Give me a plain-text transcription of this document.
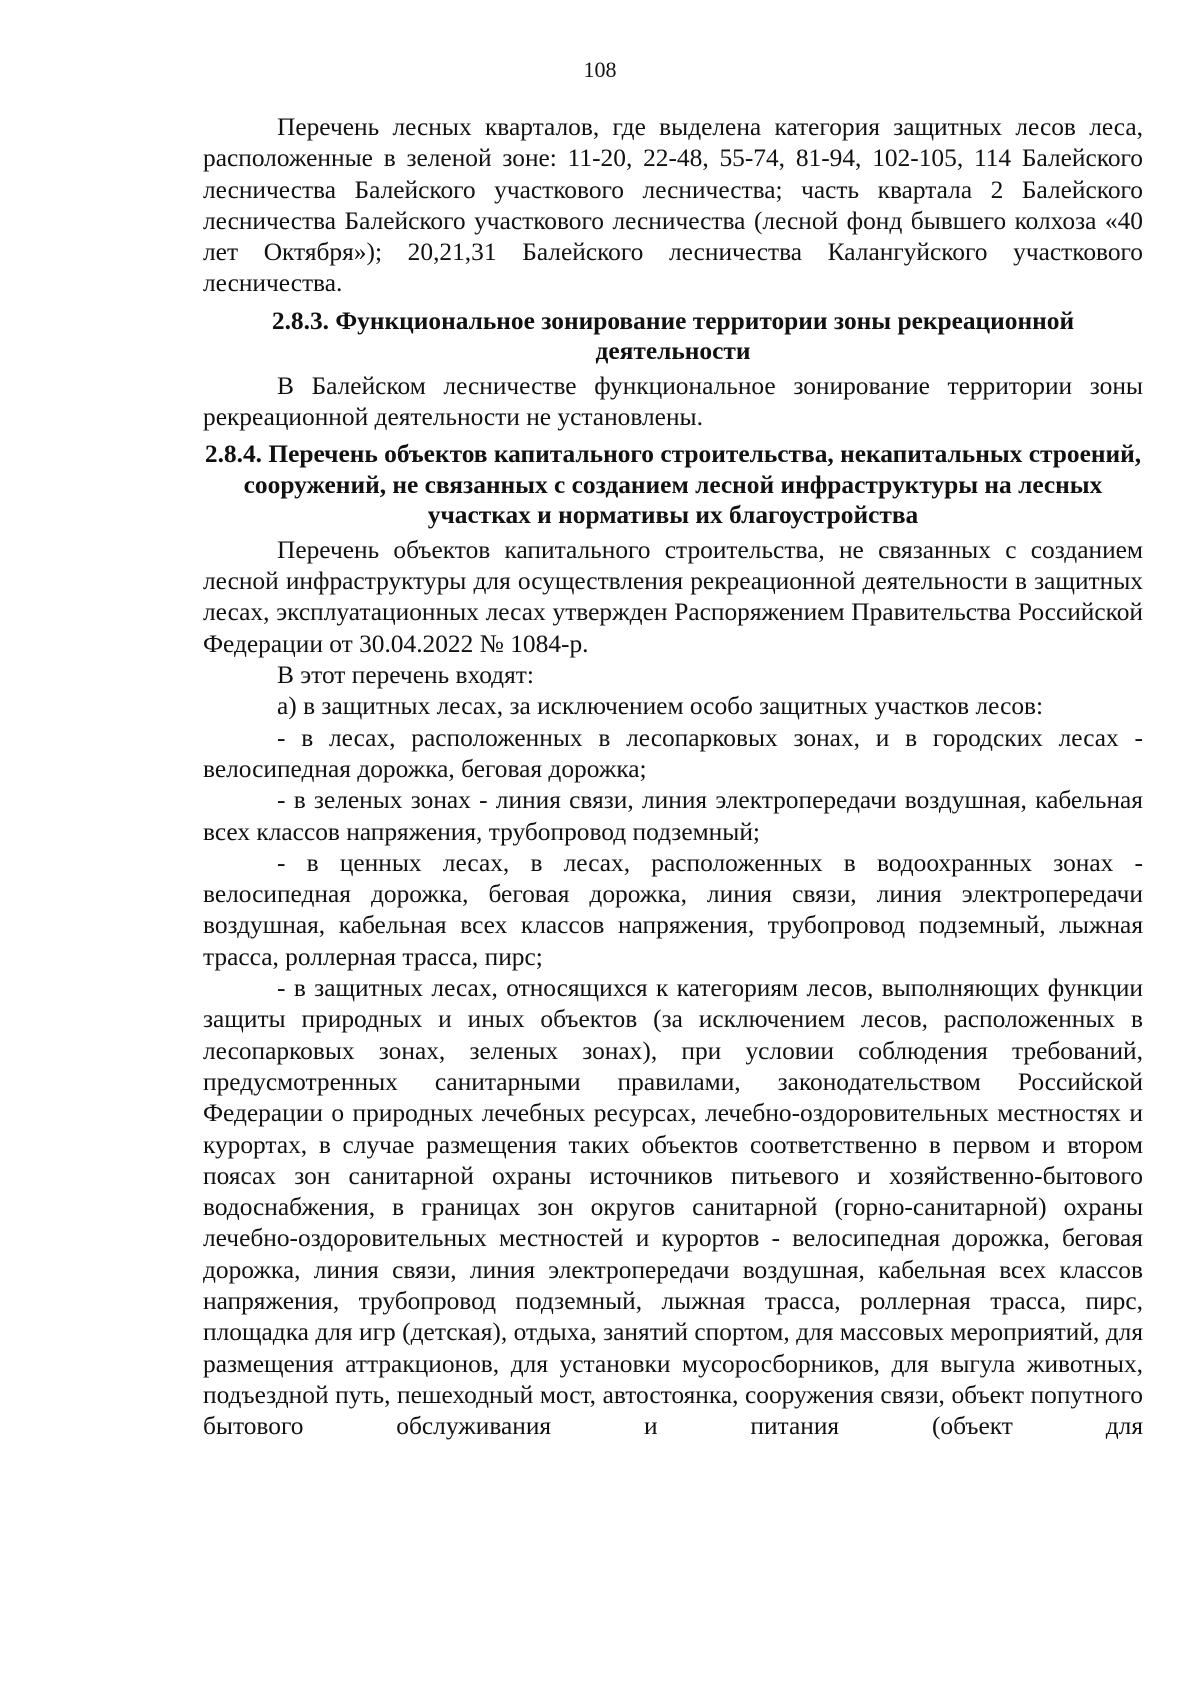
108

Перечень лесных кварталов, где выделена категория защитных лесов леса, расположенные в зеленой зоне: 11-20, 22-48, 55-74, 81-94, 102-105, 114 Балейского лесничества Балейского участкового лесничества; часть квартала 2 Балейского лесничества Балейского участкового лесничества (лесной фонд бывшего колхоза «40 лет Октября»); 20,21,31 Балейского лесничества Калангуйского участкового лесничества.

2.8.3. Функциональное зонирование территории зоны рекреационной деятельности

В Балейском лесничестве функциональное зонирование территории зоны рекреационной деятельности не установлены.

2.8.4. Перечень объектов капитального строительства, некапитальных строений, сооружений, не связанных с созданием лесной инфраструктуры на лесных участках и нормативы их благоустройства

Перечень объектов капитального строительства, не связанных с созданием лесной инфраструктуры для осуществления рекреационной деятельности в защитных лесах, эксплуатационных лесах утвержден Распоряжением Правительства Российской Федерации от 30.04.2022 № 1084-р.

В этот перечень входят:

а) в защитных лесах, за исключением особо защитных участков лесов:

- в лесах, расположенных в лесопарковых зонах, и в городских лесах - велосипедная дорожка, беговая дорожка;

- в зеленых зонах - линия связи, линия электропередачи воздушная, кабельная всех классов напряжения, трубопровод подземный;

- в ценных лесах, в лесах, расположенных в водоохранных зонах - велосипедная дорожка, беговая дорожка, линия связи, линия электропередачи воздушная, кабельная всех классов напряжения, трубопровод подземный, лыжная трасса, роллерная трасса, пирс;

- в защитных лесах, относящихся к категориям лесов, выполняющих функции защиты природных и иных объектов (за исключением лесов, расположенных в лесопарковых зонах, зеленых зонах), при условии соблюдения требований, предусмотренных санитарными правилами, законодательством Российской Федерации о природных лечебных ресурсах, лечебно-оздоровительных местностях и курортах, в случае размещения таких объектов соответственно в первом и втором поясах зон санитарной охраны источников питьевого и хозяйственно-бытового водоснабжения, в границах зон округов санитарной (горно-санитарной) охраны лечебно-оздоровительных местностей и курортов - велосипедная дорожка, беговая дорожка, линия связи, линия электропередачи воздушная, кабельная всех классов напряжения, трубопровод подземный, лыжная трасса, роллерная трасса, пирс, площадка для игр (детская), отдыха, занятий спортом, для массовых мероприятий, для размещения аттракционов, для установки мусоросборников, для выгула животных, подъездной путь, пешеходный мост, автостоянка, сооружения связи, объект попутного бытового обслуживания и питания (объект для
